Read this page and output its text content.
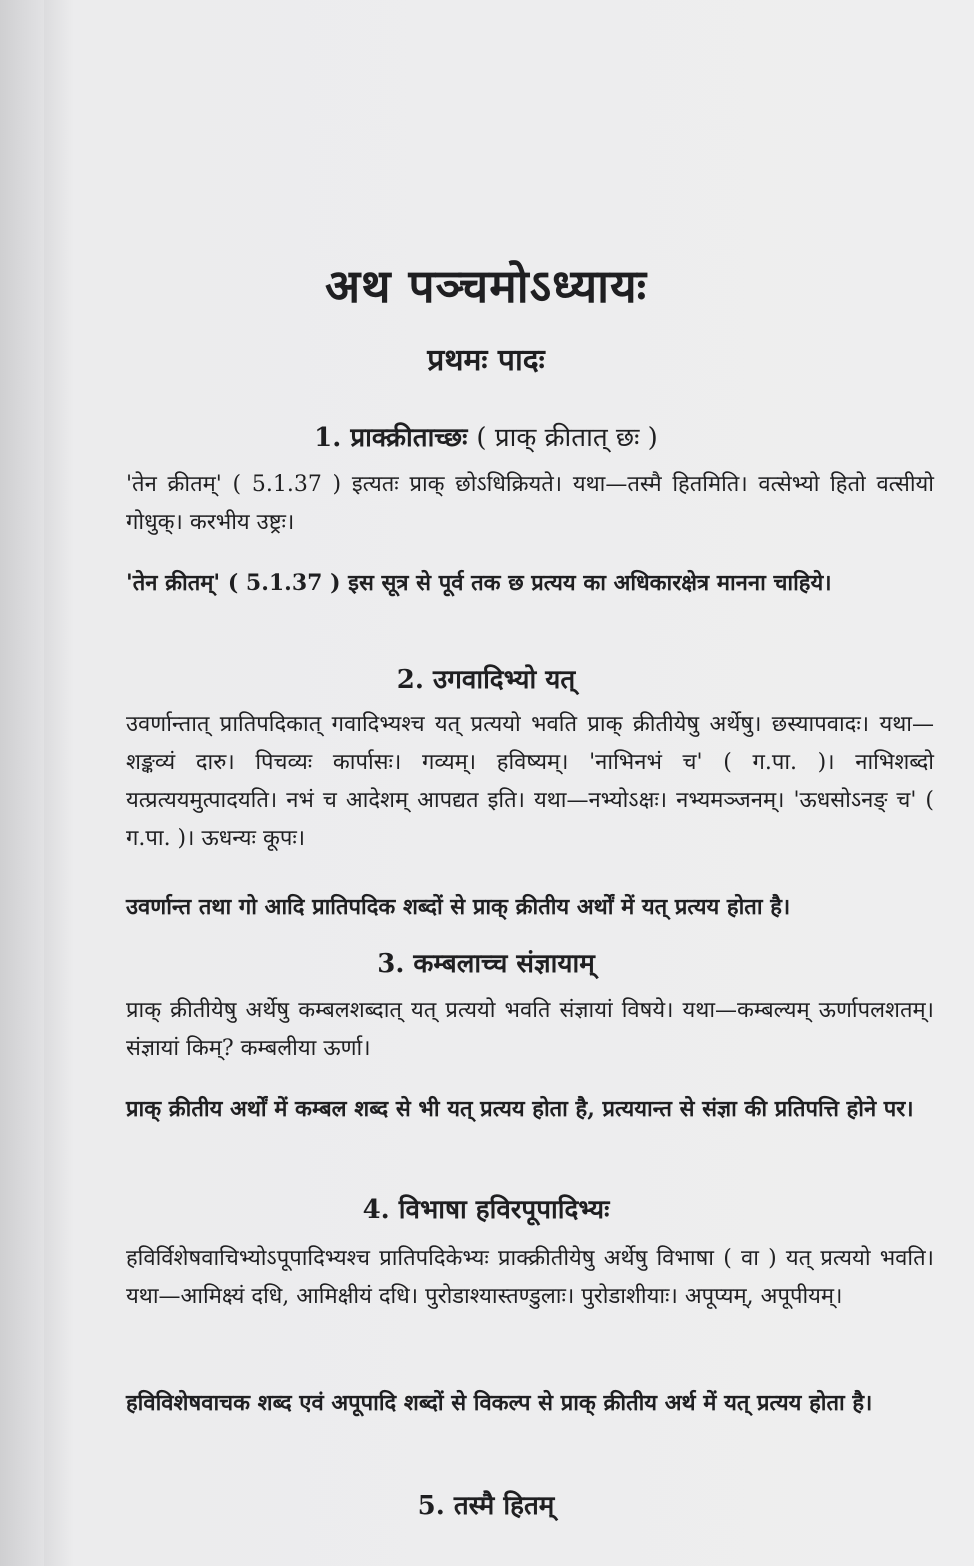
अथ पञ्चमोऽध्यायः
प्रथमः पादः
1. प्राक्क्रीताच्छः ( प्राक् क्रीतात् छः )

'तेन क्रीतम्' ( 5.1.37 ) इत्यतः प्राक् छोऽधिक्रियते। यथा—तस्मै हितमिति। वत्सेभ्यो हितो वत्सीयो गोधुक्। करभीय उष्ट्रः।

'तेन क्रीतम्' ( 5.1.37 ) इस सूत्र से पूर्व तक छ प्रत्यय का अधिकारक्षेत्र मानना चाहिये।

2. उगवादिभ्यो यत्

उवर्णान्तात् प्रातिपदिकात् गवादिभ्यश्च यत् प्रत्ययो भवति प्राक् क्रीतीयेषु अर्थेषु। छस्यापवादः। यथा—शङ्कव्यं दारु। पिचव्यः कार्पासः। गव्यम्। हविष्यम्। 'नाभिनभं च' ( ग.पा. )। नाभिशब्दो यत्प्रत्ययमुत्पादयति। नभं च आदेशम् आपद्यत इति। यथा—नभ्योऽक्षः। नभ्यमञ्जनम्। 'ऊधसोऽनङ् च' ( ग.पा. )। ऊधन्यः कूपः।

उवर्णान्त तथा गो आदि प्रातिपदिक शब्दों से प्राक् क्रीतीय अर्थों में यत् प्रत्यय होता है।

3. कम्बलाच्च संज्ञायाम्

प्राक् क्रीतीयेषु अर्थेषु कम्बलशब्दात् यत् प्रत्ययो भवति संज्ञायां विषये। यथा—कम्बल्यम् ऊर्णापलशतम्। संज्ञायां किम्? कम्बलीया ऊर्णा।

प्राक् क्रीतीय अर्थों में कम्बल शब्द से भी यत् प्रत्यय होता है, प्रत्ययान्त से संज्ञा की प्रतिपत्ति होने पर।

4. विभाषा हविरपूपादिभ्यः

हविर्विशेषवाचिभ्योऽपूपादिभ्यश्च प्रातिपदिकेभ्यः प्राक्क्रीतीयेषु अर्थेषु विभाषा ( वा ) यत् प्रत्ययो भवति। यथा—आमिक्ष्यं दधि, आमिक्षीयं दधि। पुरोडाश्यास्तण्डुलाः। पुरोडाशीयाः। अपूप्यम्, अपूपीयम्।

हविविशेषवाचक शब्द एवं अपूपादि शब्दों से विकल्प से प्राक् क्रीतीय अर्थ में यत् प्रत्यय होता है।

5. तस्मै हितम्
